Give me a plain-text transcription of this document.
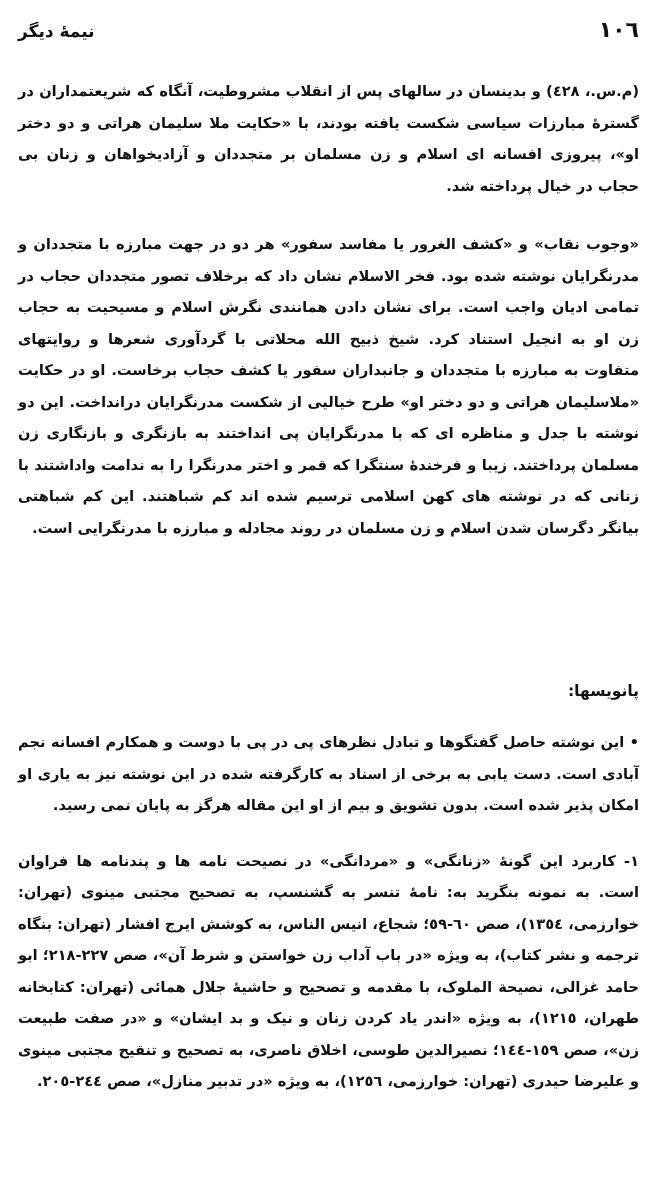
١٠٦
نیمهٔ دیگر

(م.س.، ٤٢٨) و بدینسان در سالهای پس از انقلاب مشروطیت، آنگاه که شریعتمداران در گسترهٔ مبارزات سیاسی شکست یافته بودند، با «حکایت ملا سلیمان هراتی و دو دختر او»، پیروزی افسانه ای اسلام و زن مسلمان بر متجددان و آزادیخواهان و زنان بی حجاب در خیال پرداخته شد.

«وجوب نقاب» و «کشف الغرور یا مفاسد سفور» هر دو در جهت مبارزه با متجددان و مدرنگرایان نوشته شده بود. فخر الاسلام نشان داد که برخلاف تصور متجددان حجاب در تمامی ادیان واجب است. برای نشان دادن همانندی نگرش اسلام و مسیحیت به حجاب زن او به انجیل استناد کرد. شیخ ذبیح الله محلاتی با گردآوری شعرها و روایتهای متفاوت به مبارزه با متجددان و جانبداران سفور یا کشف حجاب برخاست. او در حکایت «ملاسلیمان هراتی و دو دختر او» طرح خیالیی از شکست مدرنگرایان درانداخت. این دو نوشته با جدل و مناظره ای که با مدرنگرایان پی انداختند به بازنگری و بازنگاری زن مسلمان پرداختند. زیبا و فرخندهٔ سنتگرا که قمر و اختر مدرنگرا را به ندامت واداشتند با زنانی که در نوشته های کهن اسلامی ترسیم شده اند کم شباهتند. این کم شباهتی بیانگر دگرسان شدن اسلام و زن مسلمان در روند مجادله و مبارزه با مدرنگرایی است.

پانویسها:

• این نوشته حاصل گفتگوها و تبادل نظرهای پی در پی با دوست و همکارم افسانه نجم آبادی است. دست یابی به برخی از اسناد به کارگرفته شده در این نوشته نیز به یاری او امکان پذیر شده است. بدون تشویق و بیم از او این مقاله هرگز به پایان نمی رسید.

١- کاربرد این گونهٔ «زنانگی» و «مردانگی» در نصیحت نامه ها و پندنامه ها فراوان است. به نمونه بنگرید به: نامهٔ تنسر به گشنسپ، به تصحیح مجتبی مینوی (تهران: خوارزمی، ١٣٥٤)، صص ٦٠-٥٩؛ شجاع، انیس الناس، به کوشش ایرج افشار (تهران: بنگاه ترجمه و نشر کتاب)، به ویژه «در باب آداب زن خواستن و شرط آن»، صص ٢٢٧-٢١٨؛ ابو حامد غزالی، نصیحة الملوک، با مقدمه و تصحیح و حاشیهٔ جلال همائی (تهران: کتابخانه طهران، ١٢١٥)، به ویژه «اندر یاد کردن زنان و نیک و بد ایشان» و «در صفت طبیعت زن»، صص ١٥٩-١٤٤؛ نصیرالدین طوسی، اخلاق ناصری، به تصحیح و تنقیح مجتبی مینوی و علیرضا حیدری (تهران: خوارزمی، ١٢٥٦)، به ویژه «در تدبیر منازل»، صص ٢٤٤-٢٠٥.
